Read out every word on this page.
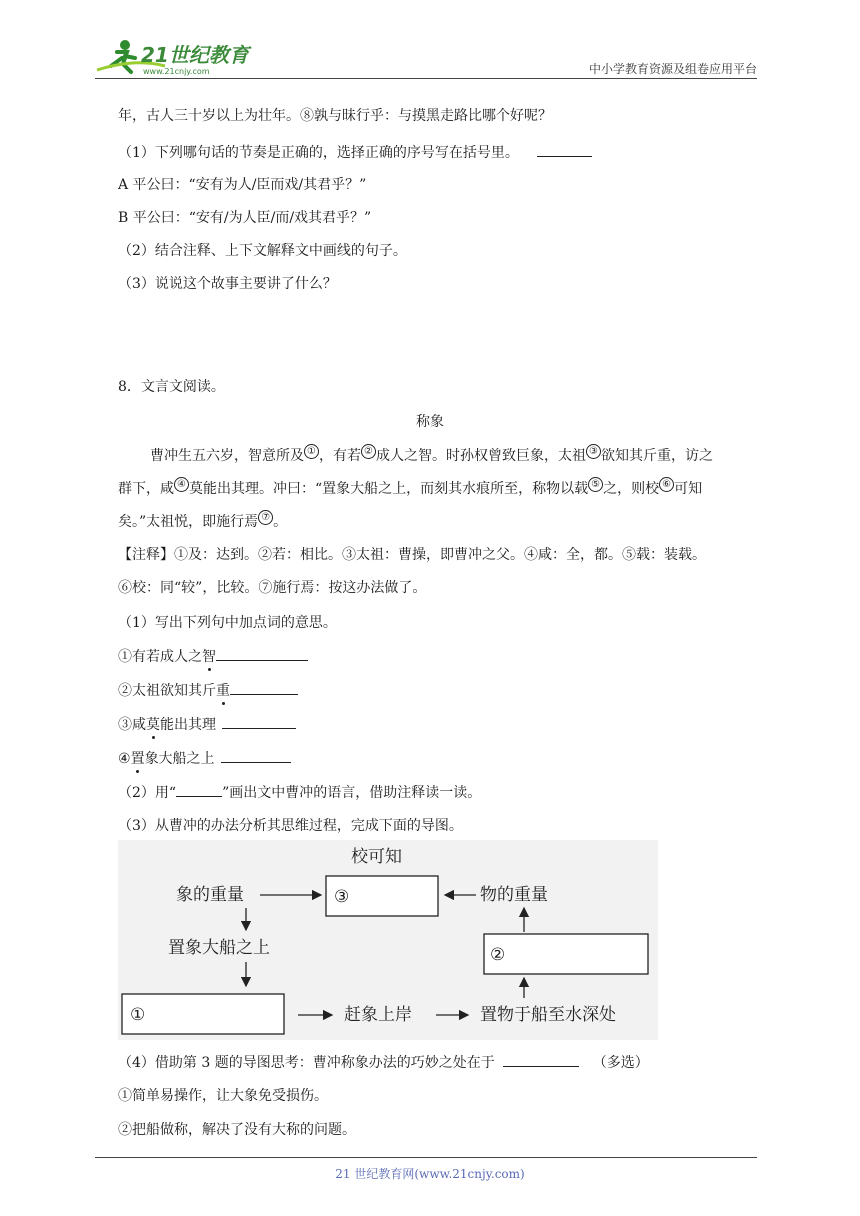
21世纪教育
www.21cnjy.com	中小学教育资源及组卷应用平台
年，古人三十岁以上为壮年。⑧孰与昧行乎：与摸黑走路比哪个好呢？
（1）下列哪句话的节奏是正确的，选择正确的序号写在括号里。
A 平公曰：“安有为人/臣而戏/其君乎？”
B 平公曰：“安有/为人臣/而/戏其君乎？”
（2）结合注释、上下文解释文中画线的句子。
（3）说说这个故事主要讲了什么？
8．文言文阅读。
称象
曹冲生五六岁，智意所及 ① ，有若 ② 成人之智。时孙权曾致巨象，太祖 ③ 欲知其斤重，访之
群下，咸 ④ 莫能出其理。冲曰：“置象大船之上，而刻其水痕所至，称物以载 ⑤ 之，则校 ⑥ 可知
矣。”太祖悦，即施行焉 ⑦ 。
【注释】①及：达到。②若：相比。③太祖：曹操，即曹冲之父。④咸：全，都。⑤载：装载。
⑥校：同“较”，比较。⑦施行焉：按这办法做了。
（1）写出下列句中加点词的意思。
①有若成人之智
②太祖欲知其斤重
③咸莫能出其理
④置象大船之上
（2）用“	”画出文中曹冲的语言，借助注释读一读。
（3）从曹冲的办法分析其思维过程，完成下面的导图。
校可知
象的重量	③	物的重量
置象大船之上
①	赶象上岸	置物于船至水深处
②
（4）借助第 3 题的导图思考：曹冲称象办法的巧妙之处在于	（多选）
①简单易操作，让大象免受损伤。
②把船做称，解决了没有大称的问题。
21 世纪教育网(www.21cnjy.com)
